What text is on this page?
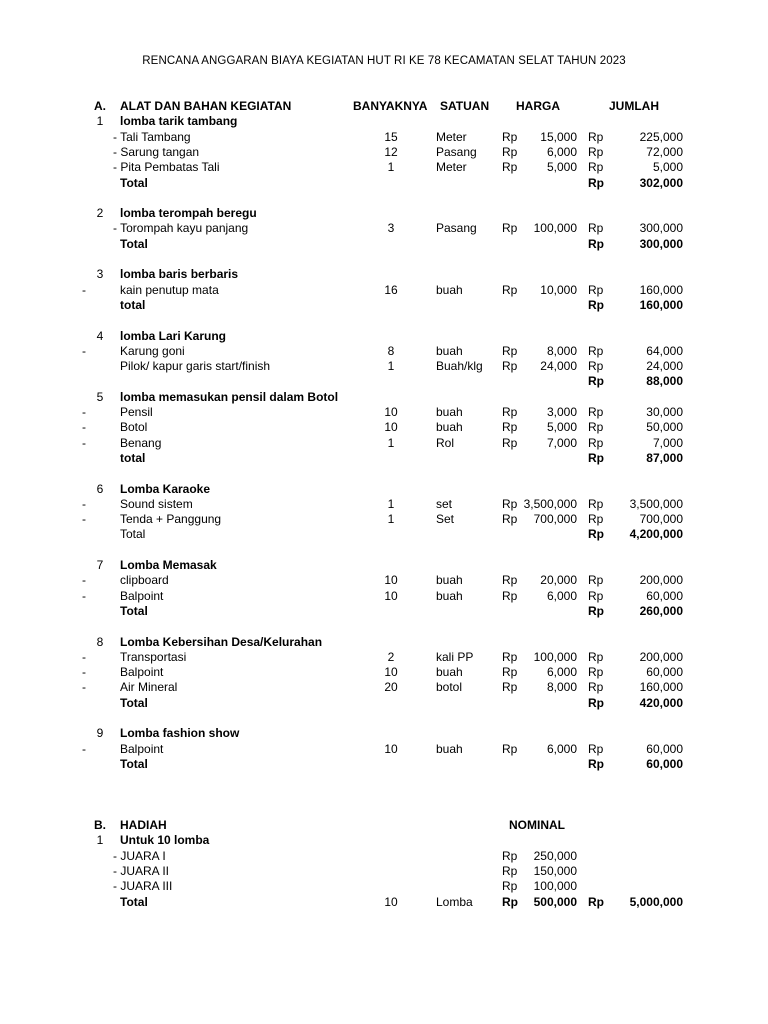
RENCANA ANGGARAN BIAYA KEGIATAN HUT RI KE 78 KECAMATAN SELAT TAHUN 2023
A.	ALAT DAN BAHAN KEGIATAN	BANYAKNYA SATUAN HARGA	JUMLAH
1	lomba tarik tambang
- Tali Tambang	15	Meter	Rp	15,000 Rp	225,000
- Sarung tangan	12	Pasang Rp	6,000 Rp	72,000
- Pita Pembatas Tali	1	Meter	Rp	5,000 Rp	5,000
Total	Rp	302,000
2	lomba terompah beregu
- Torompah kayu panjang	3	Pasang Rp	100,000 Rp	300,000
Total	Rp	300,000
3	lomba baris berbaris
-	kain penutup mata	16	buah	Rp	10,000 Rp	160,000
total	Rp	160,000
4	lomba Lari Karung
-	Karung goni	8	buah	Rp	8,000 Rp	64,000
Pilok/ kapur garis start/finish	1	Buah/klg Rp	24,000 Rp	24,000
Rp	88,000
5	lomba memasukan pensil dalam Botol
-	Pensil	10	buah	Rp	3,000 Rp	30,000
-	Botol	10	buah	Rp	5,000 Rp	50,000
-	Benang	1	Rol	Rp	7,000 Rp	7,000
total	Rp	87,000
6	Lomba Karaoke
-	Sound sistem	1	set	Rp 3,500,000 Rp	3,500,000
-	Tenda + Panggung	1	Set	Rp	700,000 Rp	700,000
Total	Rp	4,200,000
7	Lomba Memasak
-	clipboard	10	buah	Rp	20,000 Rp	200,000
-	Balpoint	10	buah	Rp	6,000 Rp	60,000
Total	Rp	260,000
8	Lomba Kebersihan Desa/Kelurahan
-	Transportasi	2	kali PP Rp	100,000 Rp	200,000
-	Balpoint	10	buah	Rp	6,000 Rp	60,000
-	Air Mineral	20	botol	Rp	8,000 Rp	160,000
Total	Rp	420,000
9	Lomba fashion show
-	Balpoint	10	buah	Rp	6,000 Rp	60,000
Total	Rp	60,000
B.	HADIAH	NOMINAL
1	Untuk 10 lomba
- JUARA I	Rp	250,000
- JUARA II	Rp	150,000
- JUARA III	Rp	100,000
Total	10	Lomba Rp	500,000 Rp	5,000,000
